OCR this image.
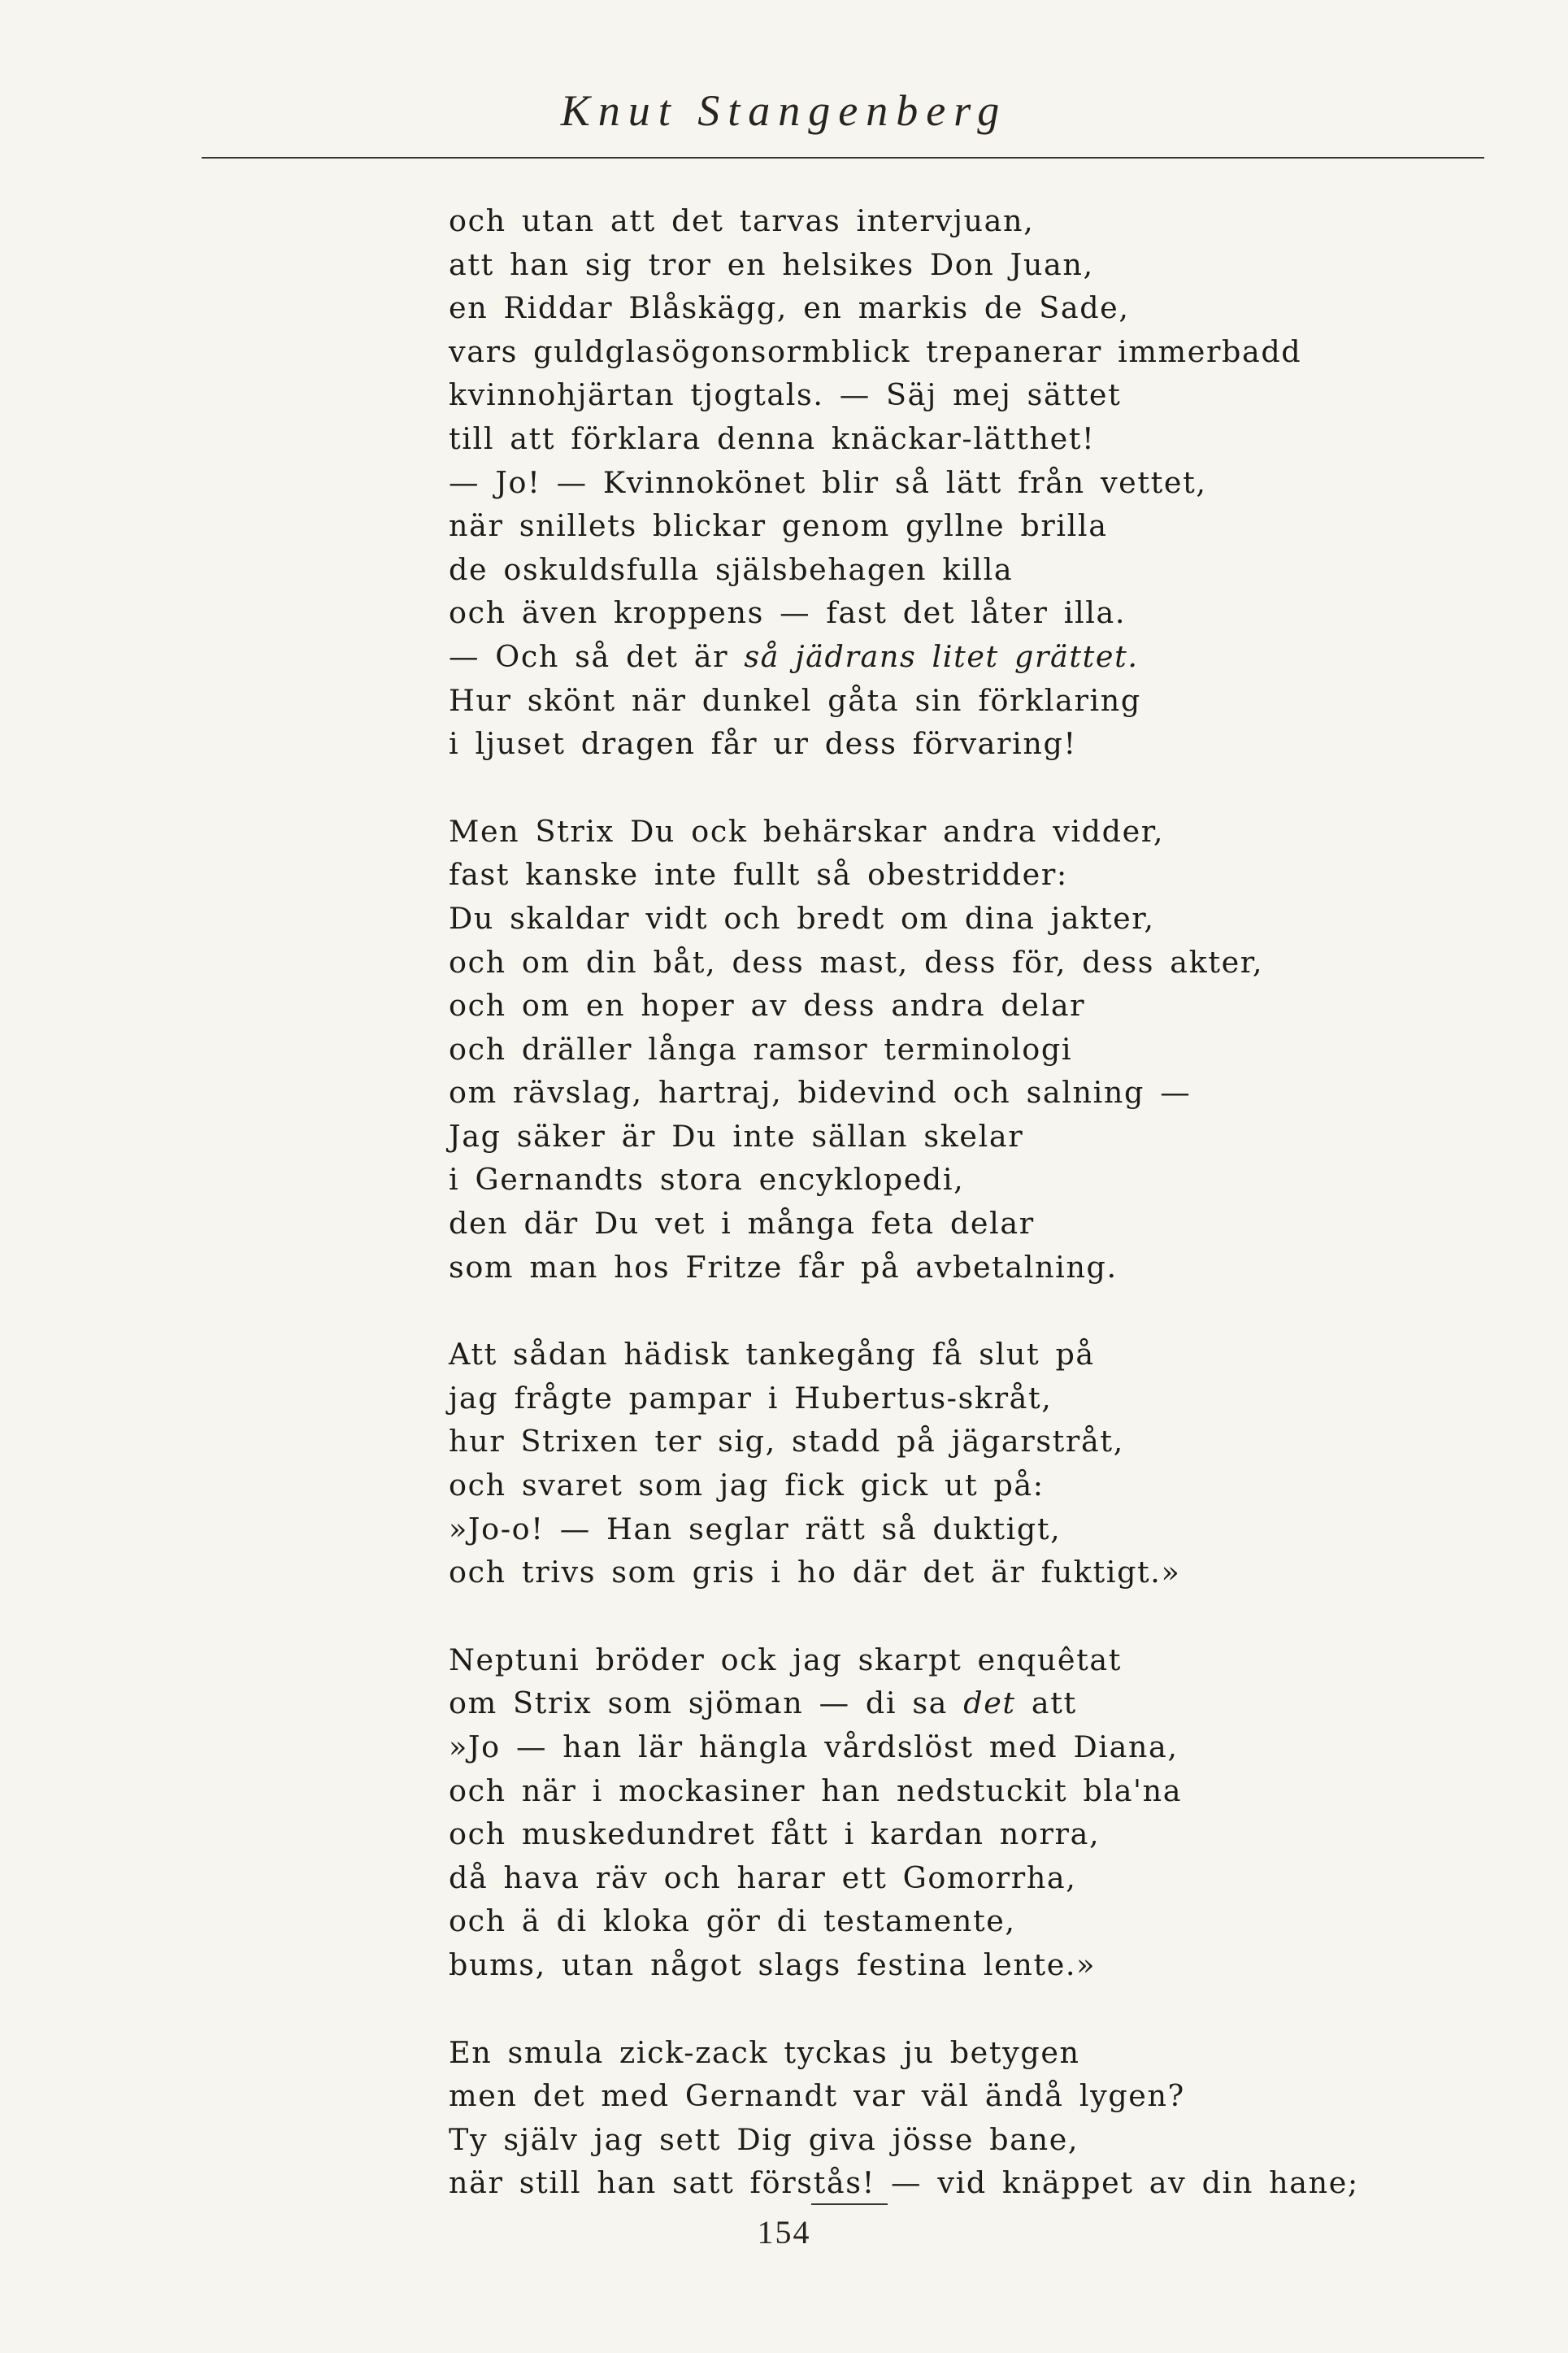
Knut Stangenberg
och utan att det tarvas intervjuan,
att han sig tror en helsikes Don Juan,
en Riddar Blåskägg, en markis de Sade,
vars guldglasögonsormblick trepanerar immerbadd
kvinnohjärtan tjogtals. — Säj mej sättet
till att förklara denna knäckar-lätthet!
— Jo! — Kvinnokönet blir så lätt från vettet,
när snillets blickar genom gyllne brilla
de oskuldsfulla själsbehagen killa
och även kroppens — fast det låter illa.
— Och så det är så jädrans litet grättet.
Hur skönt när dunkel gåta sin förklaring
i ljuset dragen får ur dess förvaring!
Men Strix Du ock behärskar andra vidder,
fast kanske inte fullt så obestridder:
Du skaldar vidt och bredt om dina jakter,
och om din båt, dess mast, dess för, dess akter,
och om en hoper av dess andra delar
och dräller långa ramsor terminologi
om rävslag, hartraj, bidevind och salning —
Jag säker är Du inte sällan skelar
i Gernandts stora encyklopedi,
den där Du vet i många feta delar
som man hos Fritze får på avbetalning.
Att sådan hädisk tankegång få slut på
jag frågte pampar i Hubertus-skråt,
hur Strixen ter sig, stadd på jägarstråt,
och svaret som jag fick gick ut på:
»Jo-o! — Han seglar rätt så duktigt,
och trivs som gris i ho där det är fuktigt.»
Neptuni bröder ock jag skarpt enquêtat
om Strix som sjöman — di sa det att
»Jo — han lär hängla vårdslöst med Diana,
och när i mockasiner han nedstuckit bla'na
och muskedundret fått i kardan norra,
då hava räv och harar ett Gomorrha,
och ä di kloka gör di testamente,
bums, utan något slags festina lente.»
En smula zick-zack tyckas ju betygen
men det med Gernandt var väl ändå lygen?
Ty själv jag sett Dig giva jösse bane,
när still han satt förstås! — vid knäppet av din hane;
154
